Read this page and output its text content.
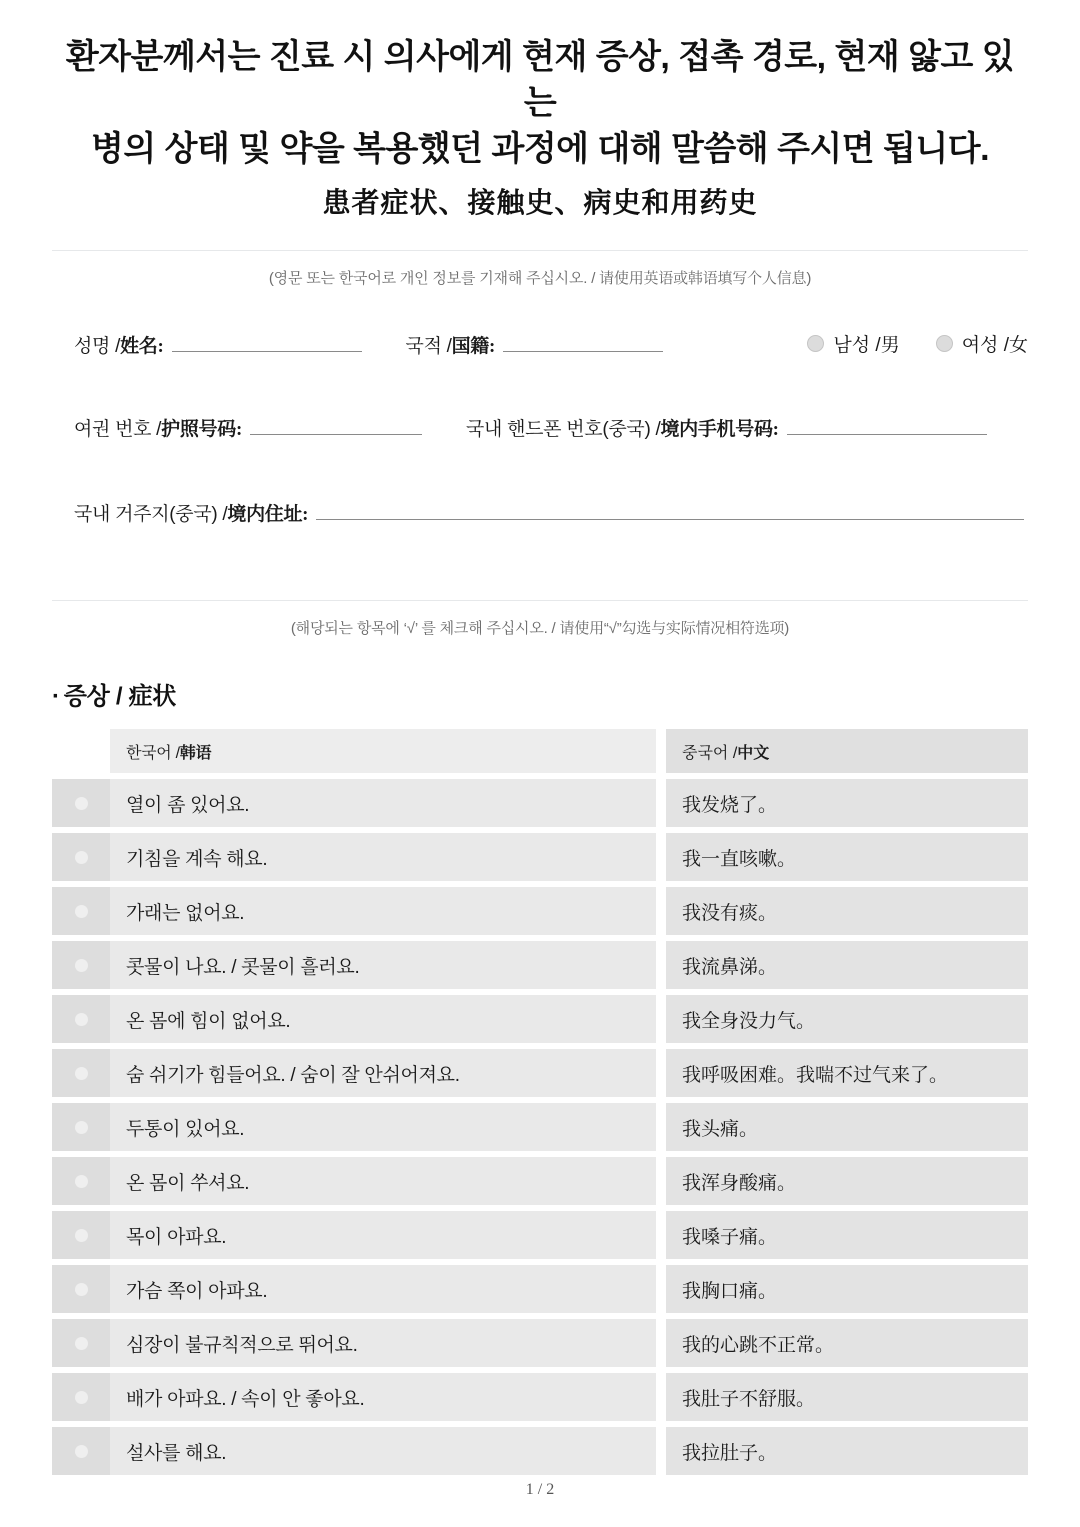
환자분께서는 진료 시 의사에게 현재 증상, 접촉 경로, 현재 앓고 있는
병의 상태 및 약을 복용했던 과정에 대해 말씀해 주시면 됩니다.
患者症状、接触史、病史和用药史
(영문 또는 한국어로 개인 정보를 기재해 주십시오. / 请使用英语或韩语填写个人信息)
성명 /姓名:	국적 /国籍:	남성 /男	여성 /女
여권 번호 /护照号码:	국내 핸드폰 번호(중국) /境内手机号码:
국내 거주지(중국) /境内住址:
(해당되는 항목에 ‘√’ 를 체크해 주십시오. / 请使用“√”勾选与实际情况相符选项)
· 증상 / 症状
한국어 / 韩语	중국어 / 中文
열이 좀 있어요.	我发烧了。
기침을 계속 해요.	我一直咳嗽。
가래는 없어요.	我没有痰。
콧물이 나요. / 콧물이 흘러요.	我流鼻涕。
온 몸에 힘이 없어요.	我全身没力气。
숨 쉬기가 힘들어요. / 숨이 잘 안쉬어져요.	我呼吸困难。我喘不过气来了。
두통이 있어요.	我头痛。
온 몸이 쑤셔요.	我浑身酸痛。
목이 아파요.	我嗓子痛。
가슴 쪽이 아파요.	我胸口痛。
심장이 불규칙적으로 뛰어요.	我的心跳不正常。
배가 아파요. / 속이 안 좋아요.	我肚子不舒服。
설사를 해요.	我拉肚子。
1 / 2
